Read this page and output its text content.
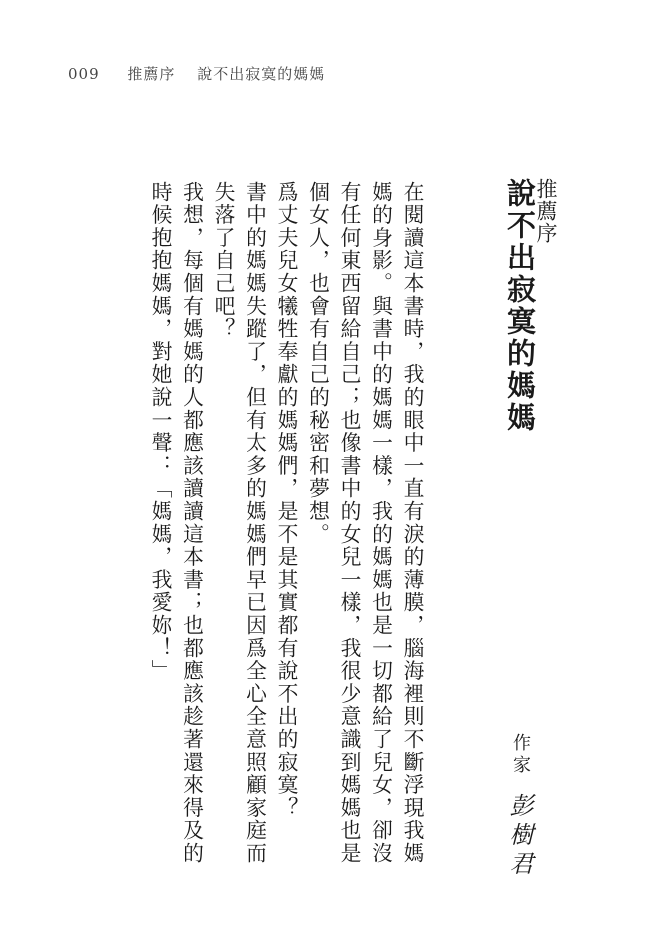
009 推薦序 說不出寂寞的媽媽
推薦序
說不出寂寞的媽媽

在閱讀這本書時，我的眼中一直有淚的薄膜，腦海裡則不斷浮現我媽媽的身影。與書中的媽媽一樣，我的媽媽也是一切都給了兒女，卻沒有任何東西留給自己；也像書中的女兒一樣，我很少意識到媽媽也是個女人，也會有自己的秘密和夢想。

爲丈夫兒女犧牲奉獻的媽媽們，是不是其實都有說不出的寂寞？

書中的媽媽失蹤了，但有太多的媽媽們早已因爲全心全意照顧家庭而失落了自己吧？

我想，每個有媽媽的人都應該讀讀這本書；也都應該趁著還來得及的時候抱抱媽媽，對她說一聲：「媽媽，我愛妳！」

作家
彭樹君
